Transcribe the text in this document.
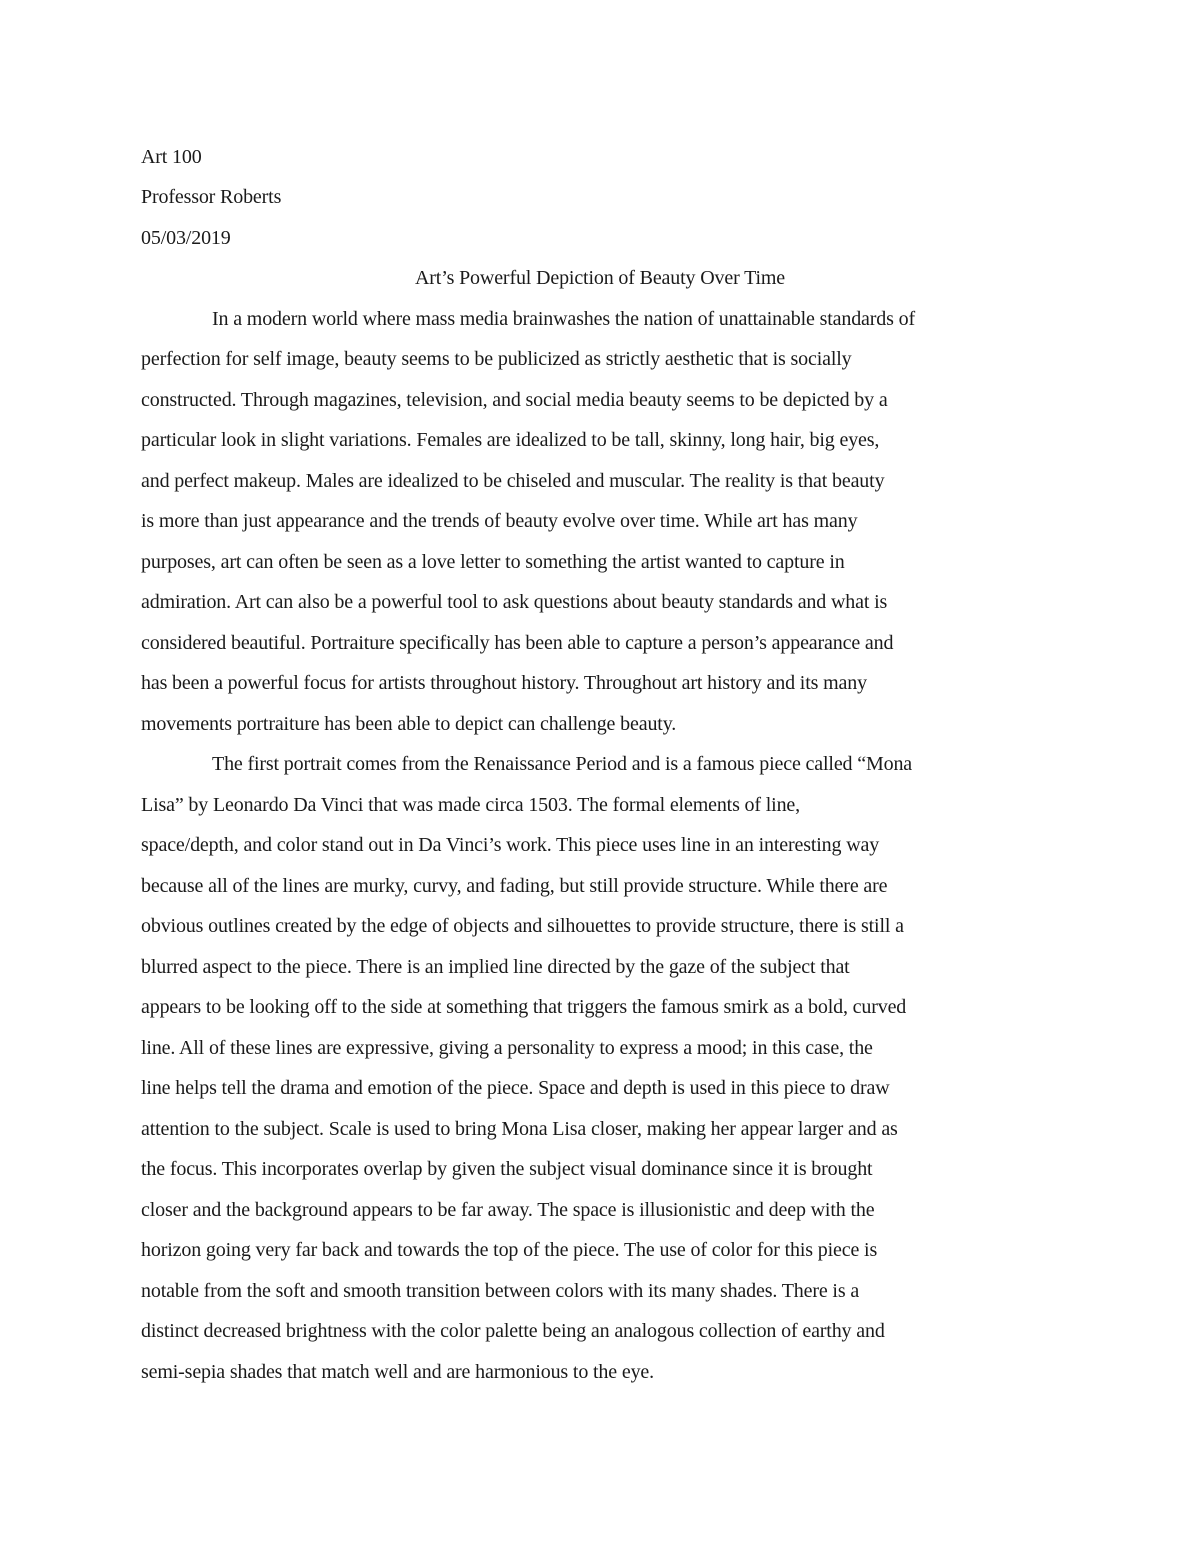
Art 100
Professor Roberts
05/03/2019
Art’s Powerful Depiction of Beauty Over Time
In a modern world where mass media brainwashes the nation of unattainable standards of
perfection for self image, beauty seems to be publicized as strictly aesthetic that is socially
constructed. Through magazines, television, and social media beauty seems to be depicted by a
particular look in slight variations. Females are idealized to be tall, skinny, long hair, big eyes,
and perfect makeup. Males are idealized to be chiseled and muscular. The reality is that beauty
is more than just appearance and the trends of beauty evolve over time. While art has many
purposes, art can often be seen as a love letter to something the artist wanted to capture in
admiration. Art can also be a powerful tool to ask questions about beauty standards and what is
considered beautiful. Portraiture specifically has been able to capture a person’s appearance and
has been a powerful focus for artists throughout history. Throughout art history and its many
movements portraiture has been able to depict can challenge beauty.
The first portrait comes from the Renaissance Period and is a famous piece called “Mona
Lisa” by Leonardo Da Vinci that was made circa 1503. The formal elements of line,
space/depth, and color stand out in Da Vinci’s work. This piece uses line in an interesting way
because all of the lines are murky, curvy, and fading, but still provide structure. While there are
obvious outlines created by the edge of objects and silhouettes to provide structure, there is still a
blurred aspect to the piece. There is an implied line directed by the gaze of the subject that
appears to be looking off to the side at something that triggers the famous smirk as a bold, curved
line. All of these lines are expressive, giving a personality to express a mood; in this case, the
line helps tell the drama and emotion of the piece. Space and depth is used in this piece to draw
attention to the subject. Scale is used to bring Mona Lisa closer, making her appear larger and as
the focus. This incorporates overlap by given the subject visual dominance since it is brought
closer and the background appears to be far away. The space is illusionistic and deep with the
horizon going very far back and towards the top of the piece. The use of color for this piece is
notable from the soft and smooth transition between colors with its many shades. There is a
distinct decreased brightness with the color palette being an analogous collection of earthy and
semi-sepia shades that match well and are harmonious to the eye.
